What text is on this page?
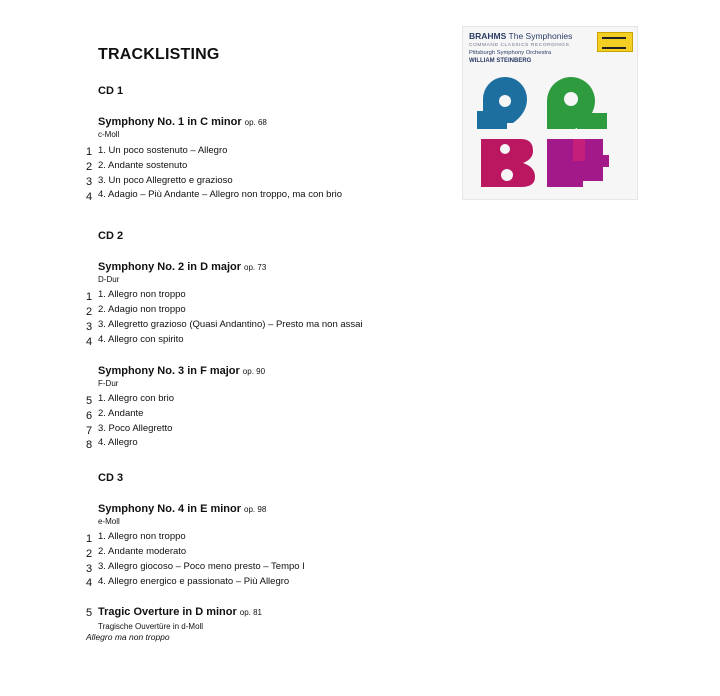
TRACKLISTING
BRAHMS The Symphonies
COMMAND CLASSICS RECORDINGS
Pittsburgh Symphony Orchestra
WILLIAM STEINBERG
CD 1
Symphony No. 1 in C minor op. 68
c-Moll
1 1. Un poco sostenuto – Allegro
2 2. Andante sostenuto
3 3. Un poco Allegretto e grazioso
4 4. Adagio – Più Andante – Allegro non troppo, ma con brio
CD 2
Symphony No. 2 in D major op. 73
D-Dur
1 1. Allegro non troppo
2 2. Adagio non troppo
3 3. Allegretto grazioso (Quasi Andantino) – Presto ma non assai
4 4. Allegro con spirito
Symphony No. 3 in F major op. 90
F-Dur
5 1. Allegro con brio
6 2. Andante
7 3. Poco Allegretto
8 4. Allegro
CD 3
Symphony No. 4 in E minor op. 98
e-Moll
1 1. Allegro non troppo
2 2. Andante moderato
3 3. Allegro giocoso – Poco meno presto – Tempo I
4 4. Allegro energico e passionato – Più Allegro
5 Tragic Overture in D minor op. 81
Tragische Ouvertüre in d-Moll
Allegro ma non troppo
